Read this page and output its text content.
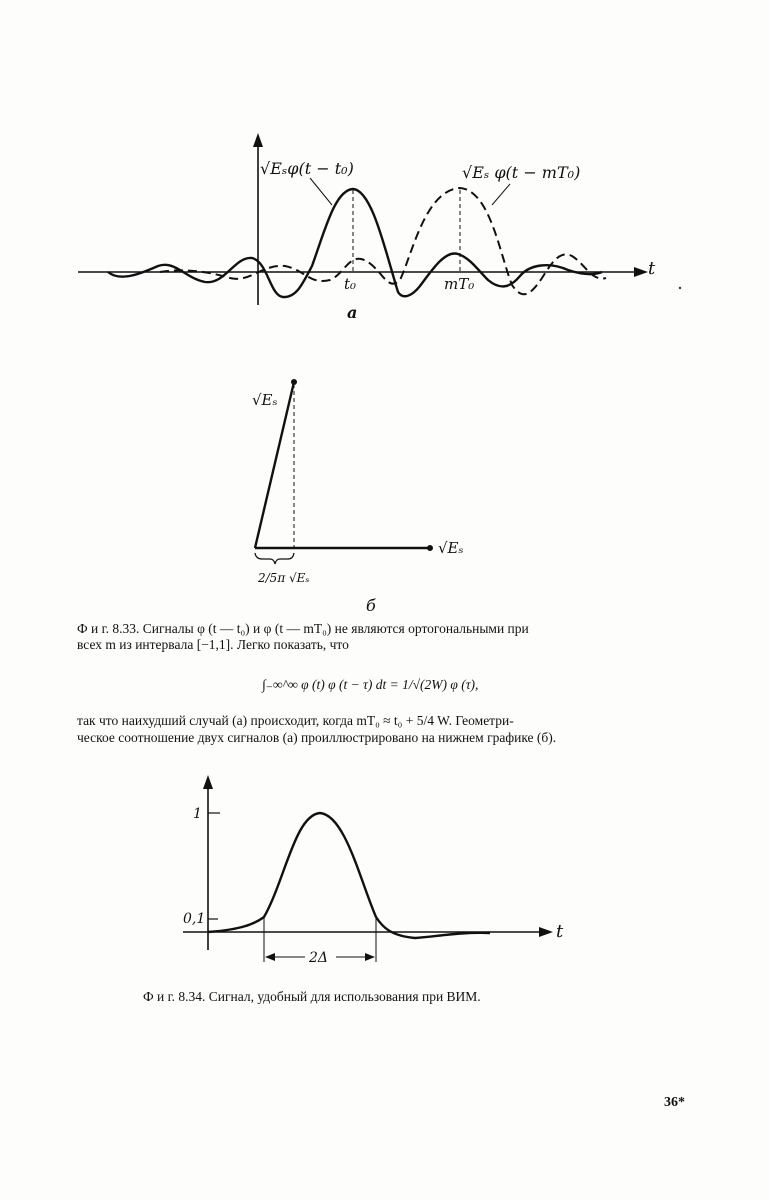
√Eₛφ(t − t₀)	√Eₛ φ(t − mT₀)
t
t₀	mT₀
а
√Eₛ
√Eₛ
2/5π √Eₛ
б
Ф и г. 8.33. Сигналы φ (t — t₀) и φ (t — mT₀) не являются ортогональными при
всех m из интервала [−1,1]. Легко показать, что
∫₋∞^∞ φ (t) φ (t − τ) dt = 1/√(2W) φ (τ),
так что наихудший случай (а) происходит, когда mT₀ ≈ t₀ + 5/4 W. Геометри-
ческое соотношение двух сигналов (а) проиллюстрировано на нижнем графике (б).
2Δ
1
0,1
t
Ф и г. 8.34. Сигнал, удобный для использования при ВИМ.
36*
